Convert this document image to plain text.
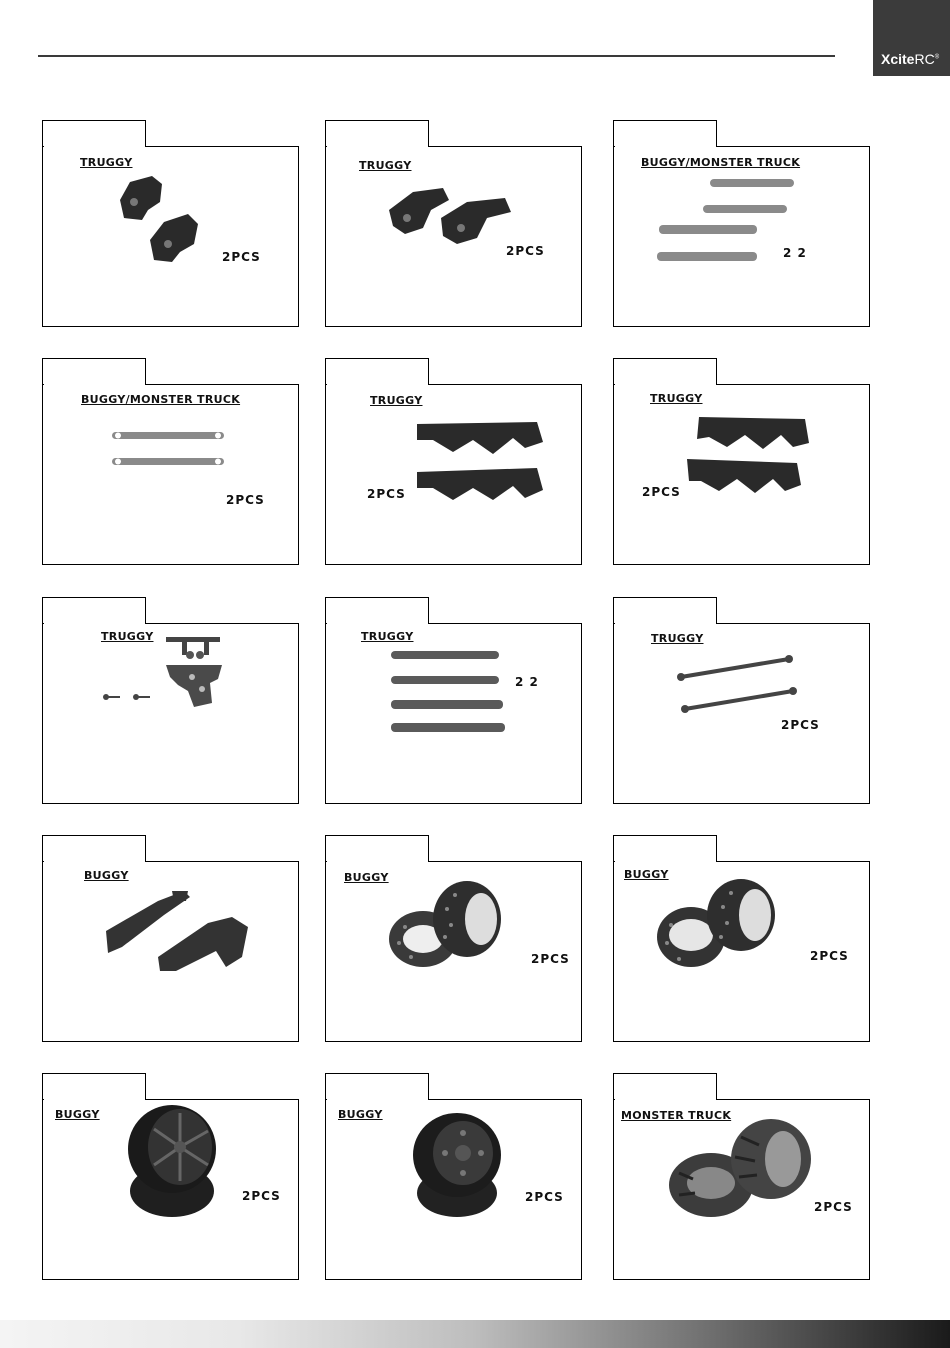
XciteRC®
TRUGGY
2PCS
TRUGGY
2PCS
BUGGY/MONSTER TRUCK
2 2
BUGGY/MONSTER TRUCK
2PCS
TRUGGY
2PCS
TRUGGY
2PCS
TRUGGY	TRUGGY
2 2
TRUGGY
2PCS
BUGGY	BUGGY
2PCS
BUGGY
2PCS
BUGGY
2PCS
BUGGY
2PCS
MONSTER TRUCK
2PCS
